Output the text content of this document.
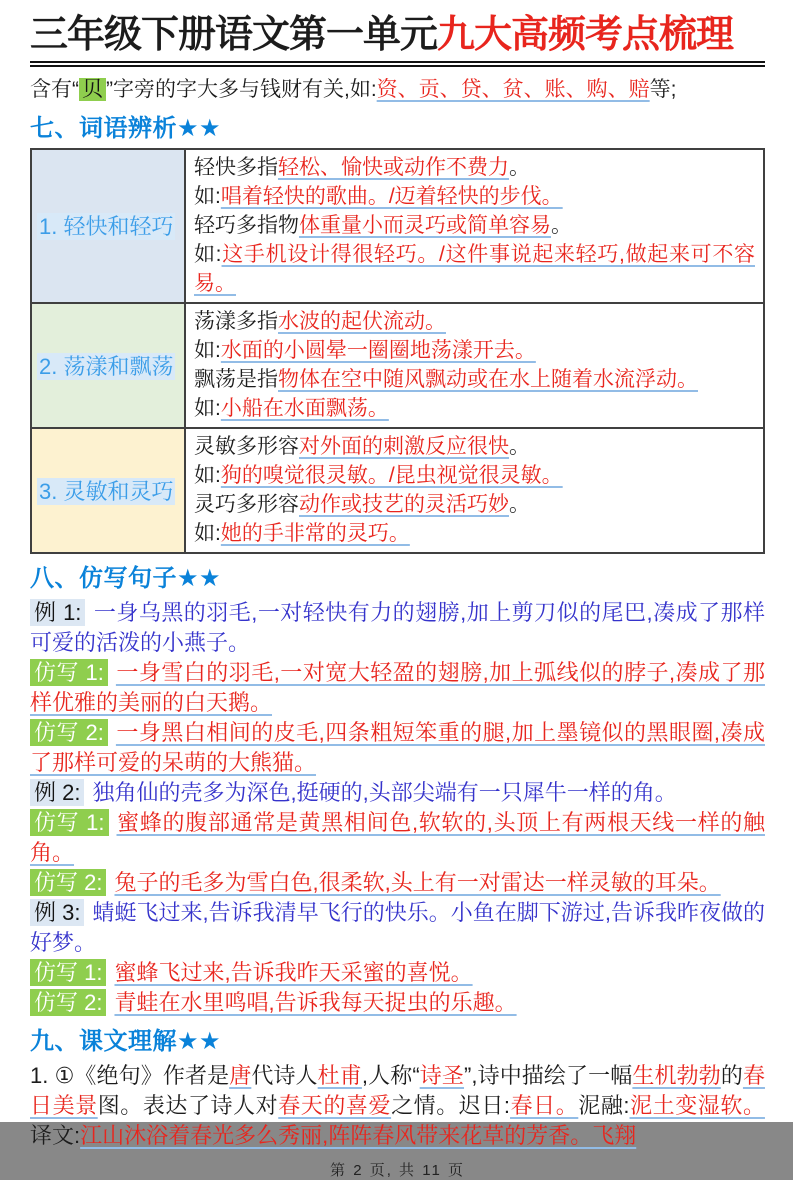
三年级下册语文第一单元九大高频考点梳理

含有“ 贝 ”字旁的字大多与钱财有关,如:资、贡、贷、贫、账、购、赔等;

七、词语辨析★★
1. 轻快和轻巧	轻快多指轻松、愉快或动作不费力。

如:唱着轻快的歌曲。/迈着轻快的步伐。

轻巧多指物体重量小而灵巧或简单容易。

如:这手机设计得很轻巧。/这件事说起来轻巧,做起来可不容易。

2. 荡漾和飘荡	荡漾多指水波的起伏流动。

如:水面的小圆晕一圈圈地荡漾开去。

飘荡是指物体在空中随风飘动或在水上随着水流浮动。

如:小船在水面飘荡。

3. 灵敏和灵巧	灵敏多形容对外面的刺激反应很快。

如:狗的嗅觉很灵敏。/昆虫视觉很灵敏。

灵巧多形容动作或技艺的灵活巧妙。

如:她的手非常的灵巧。

八、仿写句子★★

例 1: 一身乌黑的羽毛,一对轻快有力的翅膀,加上剪刀似的尾巴,凑成了那样可爱的活泼的小燕子。

仿写 1: 一身雪白的羽毛,一对宽大轻盈的翅膀,加上弧线似的脖子,凑成了那样优雅的美丽的白天鹅。

仿写 2: 一身黑白相间的皮毛,四条粗短笨重的腿,加上墨镜似的黑眼圈,凑成了那样可爱的呆萌的大熊猫。

例 2: 独角仙的壳多为深色,挺硬的,头部尖端有一只犀牛一样的角。

仿写 1: 蜜蜂的腹部通常是黄黑相间色,软软的,头顶上有两根天线一样的触角。

仿写 2: 兔子的毛多为雪白色,很柔软,头上有一对雷达一样灵敏的耳朵。

例 3: 蜻蜓飞过来,告诉我清早飞行的快乐。小鱼在脚下游过,告诉我昨夜做的好梦。

仿写 1: 蜜蜂飞过来,告诉我昨天采蜜的喜悦。

仿写 2: 青蛙在水里鸣唱,告诉我每天捉虫的乐趣。

九、课文理解★★

1. ①《绝句》作者是唐代诗人杜甫,人称“诗圣”,诗中描绘了一幅生机勃勃的春日美景图。表达了诗人对春天的喜爱之情。迟日:春日。泥融:泥土变湿软。译文:江山沐浴着春光多么秀丽,阵阵春风带来花草的芳香。飞翔

第 2 页, 共 11 页
